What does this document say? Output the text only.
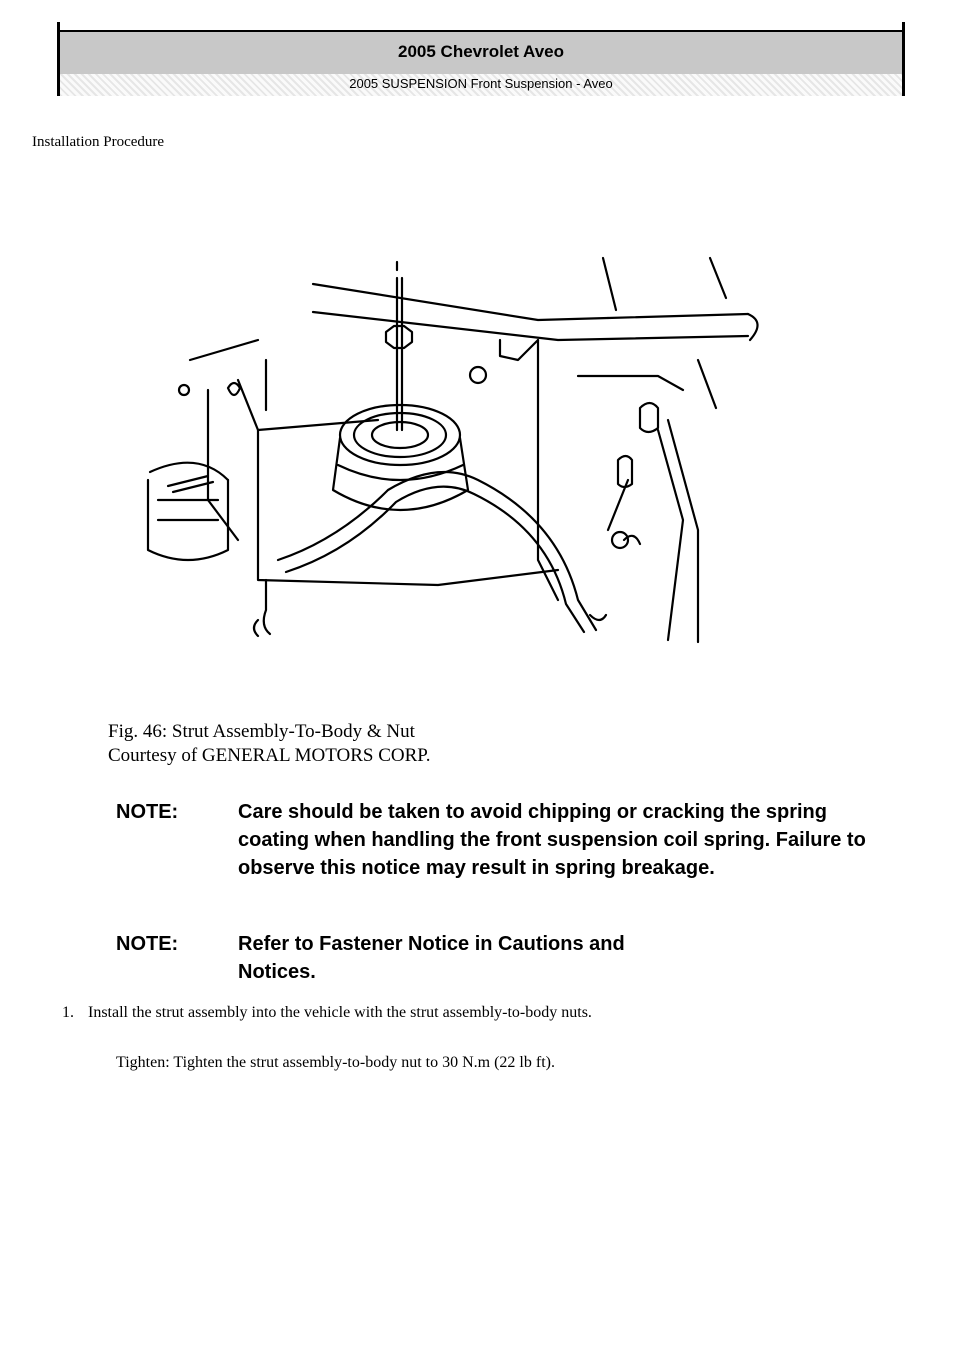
2005 Chevrolet Aveo
2005 SUSPENSION Front Suspension - Aveo
Installation Procedure
Fig. 46: Strut Assembly-To-Body & Nut
Courtesy of GENERAL MOTORS CORP.
NOTE:	Care should be taken to avoid chipping or cracking the spring coating when handling the front suspension coil spring. Failure to observe this notice may result in spring breakage.
NOTE:	Refer to Fastener Notice in Cautions and Notices.
1. Install the strut assembly into the vehicle with the strut assembly-to-body nuts.
Tighten: Tighten the strut assembly-to-body nut to 30 N.m (22 lb ft).
